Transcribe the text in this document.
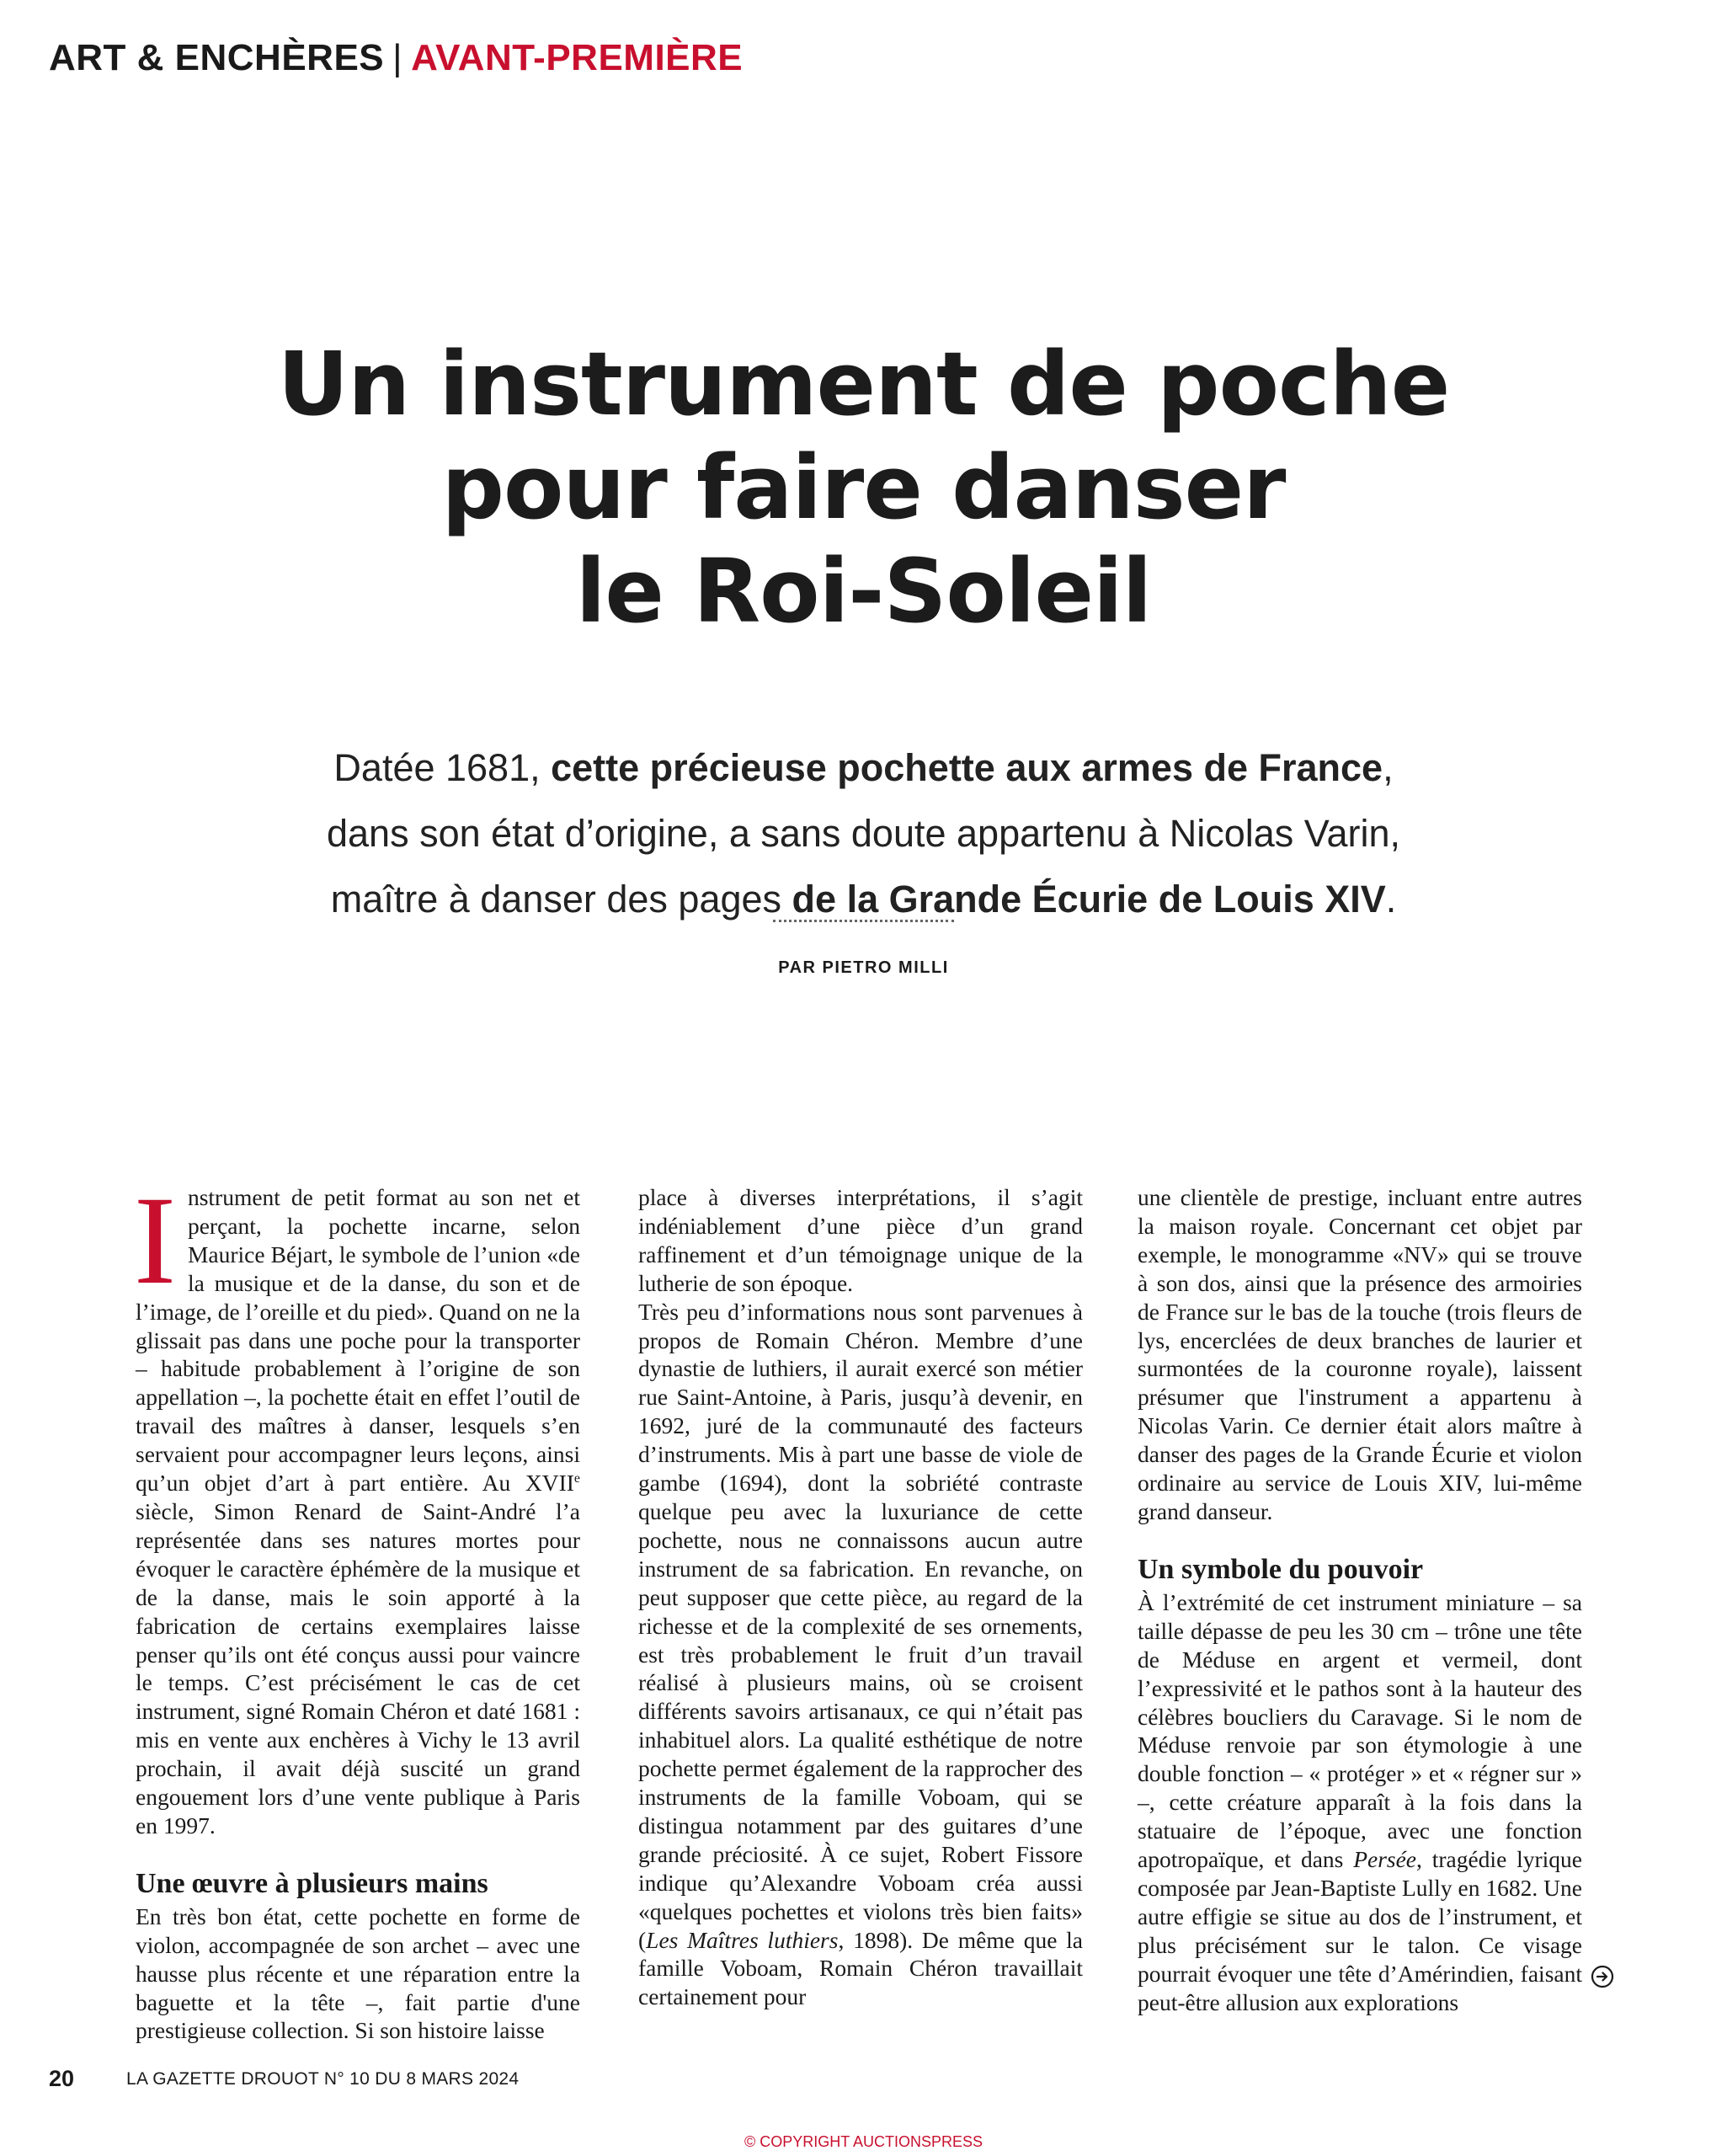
ART & ENCHÈRES | AVANT-PREMIÈRE
Un instrument de poche
pour faire danser
le Roi-Soleil
Datée 1681, cette précieuse pochette aux armes de France,
dans son état d’origine, a sans doute appartenu à Nicolas Varin,
maître à danser des pages de la Grande Écurie de Louis XIV.
PAR PIETRO MILLI

Instrument de petit format au son net et perçant, la pochette incarne, selon Maurice Béjart, le symbole de l’union «de la musique et de la danse, du son et de l’image, de l’oreille et du pied». Quand on ne la glissait pas dans une poche pour la transporter – habitude probablement à l’origine de son appellation –, la pochette était en effet l’outil de travail des maîtres à danser, lesquels s’en servaient pour accompagner leurs leçons, ainsi qu’un objet d’art à part entière. Au XVIIe siècle, Simon Renard de Saint-André l’a représentée dans ses natures mortes pour évoquer le caractère éphémère de la musique et de la danse, mais le soin apporté à la fabrication de certains exemplaires laisse penser qu’ils ont été conçus aussi pour vaincre le temps. C’est précisément le cas de cet instrument, signé Romain Chéron et daté 1681 : mis en vente aux enchères à Vichy le 13 avril prochain, il avait déjà suscité un grand engouement lors d’une vente publique à Paris en 1997.

Une œuvre à plusieurs mains

En très bon état, cette pochette en forme de violon, accompagnée de son archet – avec une hausse plus récente et une réparation entre la baguette et la tête –, fait partie d'une prestigieuse collection. Si son histoire laisse

place à diverses interprétations, il s’agit indéniablement d’une pièce d’un grand raffinement et d’un témoignage unique de la lutherie de son époque.

Très peu d’informations nous sont parvenues à propos de Romain Chéron. Membre d’une dynastie de luthiers, il aurait exercé son métier rue Saint-Antoine, à Paris, jusqu’à devenir, en 1692, juré de la communauté des facteurs d’instruments. Mis à part une basse de viole de gambe (1694), dont la sobriété contraste quelque peu avec la luxuriance de cette pochette, nous ne connaissons aucun autre instrument de sa fabrication. En revanche, on peut supposer que cette pièce, au regard de la richesse et de la complexité de ses ornements, est très probablement le fruit d’un travail réalisé à plusieurs mains, où se croisent différents savoirs artisanaux, ce qui n’était pas inhabituel alors. La qualité esthétique de notre pochette permet également de la rapprocher des instruments de la famille Voboam, qui se distingua notamment par des guitares d’une grande préciosité. À ce sujet, Robert Fissore indique qu’Alexandre Voboam créa aussi «quelques pochettes et violons très bien faits» (Les Maîtres luthiers, 1898). De même que la famille Voboam, Romain Chéron travaillait certainement pour

une clientèle de prestige, incluant entre autres la maison royale. Concernant cet objet par exemple, le monogramme «NV» qui se trouve à son dos, ainsi que la présence des armoiries de France sur le bas de la touche (trois fleurs de lys, encerclées de deux branches de laurier et surmontées de la couronne royale), laissent présumer que l'instrument a appartenu à Nicolas Varin. Ce dernier était alors maître à danser des pages de la Grande Écurie et violon ordinaire au service de Louis XIV, lui-même grand danseur.

Un symbole du pouvoir

À l’extrémité de cet instrument miniature – sa taille dépasse de peu les 30 cm – trône une tête de Méduse en argent et vermeil, dont l’expressivité et le pathos sont à la hauteur des célèbres boucliers du Caravage. Si le nom de Méduse renvoie par son étymologie à une double fonction – « protéger » et « régner sur » –, cette créature apparaît à la fois dans la statuaire de l’époque, avec une fonction apotropaïque, et dans Persée, tragédie lyrique composée par Jean-Baptiste Lully en 1682. Une autre effigie se situe au dos de l’instrument, et plus précisément sur le talon. Ce visage pourrait évoquer une tête d’Amérindien, faisant peut-être allusion aux explorations

20	LA GAZETTE DROUOT N° 10 DU 8 MARS 2024
© COPYRIGHT AUCTIONSPRESS
